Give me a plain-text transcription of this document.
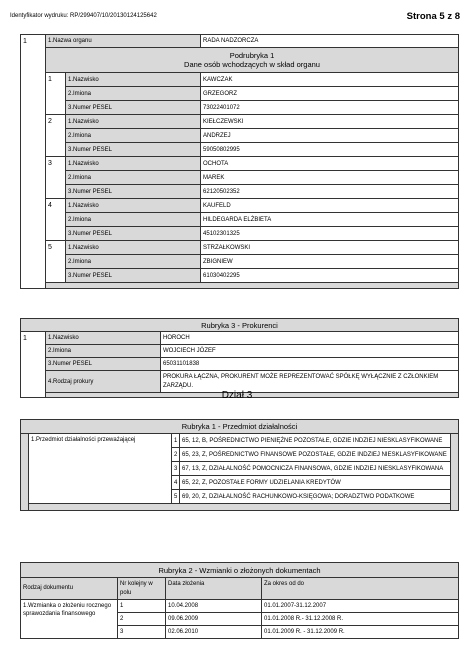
Identyfikator wydruku: RP/299407/10/20130124125642	Strona 5 z 8
1	1.Nazwa organu		RADA NADZORCZA

	Podrubryka 1
Dane osób wchodzących w skład organu		

	1	1.Nazwisko	KAWCZAK
		2.Imiona	GRZEGORZ
		3.Numer PESEL	73022401072
	2	1.Nazwisko	KIEŁCZEWSKI
		2.Imiona	ANDRZEJ
		3.Numer PESEL	59050802995
	3	1.Nazwisko	OCHOTA
		2.Imiona	MAREK
		3.Numer PESEL	62120502352
	4	1.Nazwisko	KAUFELD
		2.Imiona	HILDEGARDA ELŻBIETA
		3.Numer PESEL	45102301325
	5	1.Nazwisko	STRZAŁKOWSKI
		2.Imiona	ZBIGNIEW
		3.Numer PESEL	61030402295

Rubryka 3 - Prokurenci		
1	1.Nazwisko	HOROCH
	2.Imiona	WOJCIECH JÓZEF
	3.Numer PESEL	65031101838
	4.Rodzaj prokury	PROKURA ŁĄCZNA, PROKURENT MOŻE REPREZENTOWAĆ SPÓŁKĘ WYŁĄCZNIE Z CZŁONKIEM ZARZĄDU.

Dział 3
Rubryka 1 - Przedmiot działalności				
	1.Przedmiot działalności przeważającej	1	65, 12, B, POŚREDNICTWO PIENIĘŻNE POZOSTAŁE, GDZIE INDZIEJ NIESKLASYFIKOWANE	
		2	65, 23, Z, POŚREDNICTWO FINANSOWE POZOSTAŁE, GDZIE INDZIEJ NIESKLASYFIKOWANE	
		3	67, 13, Z, DZIAŁALNOŚĆ POMOCNICZA FINANSOWA, GDZIE INDZIEJ NIESKLASYFIKOWANA	
		4	65, 22, Z, POZOSTAŁE FORMY UDZIELANIA KREDYTÓW	
		5	69, 20, Z, DZIAŁALNOŚĆ RACHUNKOWO-KSIĘGOWA; DORADZTWO PODATKOWE	

Rubryka 2 - Wzmianki o złożonych dokumentach			
Rodzaj dokumentu	Nr kolejny w polu	Data złożenia	Za okres od do
1.Wzmianka o złożeniu rocznego sprawozdania finansowego	1	10.04.2008	01.01.2007-31.12.2007
	2	09.06.2009	01.01.2008 R.- 31.12.2008 R.
	3	02.06.2010	01.01.2009 R. - 31.12.2009 R.
